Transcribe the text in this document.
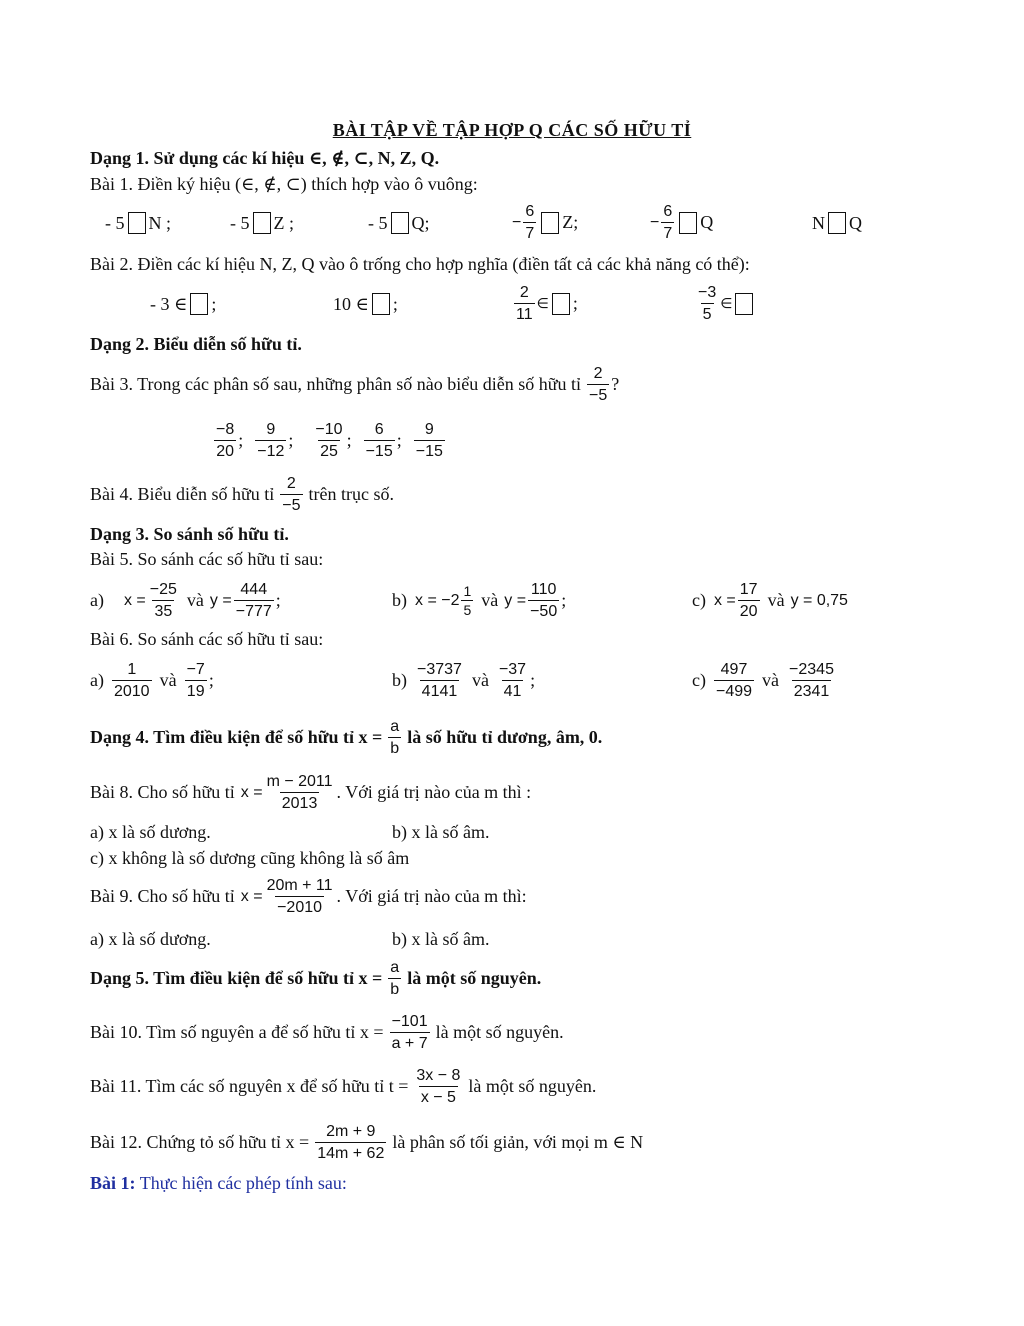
BÀI TẬP VỀ TẬP HỢP Q CÁC SỐ HỮU TỈ
Dạng 1. Sử dụng các kí hiệu ∈, ∉, ⊂, N, Z, Q.
Bài 1. Điền ký hiệu (∈, ∉, ⊂) thích hợp vào ô vuông:
- 5 N ;	- 5 Z ;	- 5 Q;	− $\frac{6}{7} Z$;	− $\frac{6}{7}$ Q	N Q
Bài 2. Điền các kí hiệu N, Z, Q vào ô trống cho hợp nghĩa (điền tất cả các khả năng có thể):
- 3 ∈ ;	10 ∈ ;	$\frac{2}{11}$ ∈ ;	$\frac{-3}{5}$ ∈
Dạng 2. Biểu diễn số hữu tỉ.
Bài 3. Trong các phân số sau, những phân số nào biểu diễn số hữu tỉ $\frac{2}{-5}$ ?
$\frac{-8}{20}$ ; $\frac{9}{-12}$ ; $\frac{-10}{25}$ ; $\frac{6}{-15}$ ; $\frac{9}{-15}$
Bài 4. Biểu diễn số hữu tỉ $\frac{2}{-5}$ trên trục số.
Dạng 3. So sánh số hữu tỉ.
Bài 5. So sánh các số hữu tỉ sau:
a) $x = \frac{-25}{35}$ và $y = \frac{444}{-777}$ ;	b) $x = -2 \frac{1}{5}$ và $y = \frac{110}{-50}$ ;	c) $x = \frac{17}{20}$ và y = 0,75
Bài 6. So sánh các số hữu tỉ sau:
$a) \frac{1}{2010}$ và $\frac{-7}{19}$ ;	$b) \frac{-3737}{4141}$ và $\frac{-37}{41}$ ;	$c) \frac{497}{-499}$ và $\frac{-2345}{2341}$
Dạng 4. Tìm điều kiện để số hữu tỉ $x = \frac{a}{b}$ là số hữu tỉ dương, âm, 0.
Bài 8. Cho số hữu tỉ $x = \frac{m - 2011}{2013}$ . Với giá trị nào của m thì :
a) x là số dương.	b) x là số âm.
c) x không là số dương cũng không là số âm
Bài 9. Cho số hữu tỉ $x = \frac{20m + 11}{-2010}$ . Với giá trị nào của m thì:
a) x là số dương.	b) x là số âm.
Dạng 5. Tìm điều kiện để số hữu tỉ $x = \frac{a}{b}$ là một số nguyên.
Bài 10. Tìm số nguyên a để số hữu tỉ $x = \frac{-101}{a + 7}$ là một số nguyên.
Bài 11. Tìm các số nguyên x để số hữu tỉ $t = \frac{3x - 8}{x - 5}$ là một số nguyên.
Bài 12. Chứng tỏ số hữu tỉ $x = \frac{2m + 9}{14m + 62}$ là phân số tối giản, với mọi m ∈ N
Bài 1: Thực hiện các phép tính sau:
